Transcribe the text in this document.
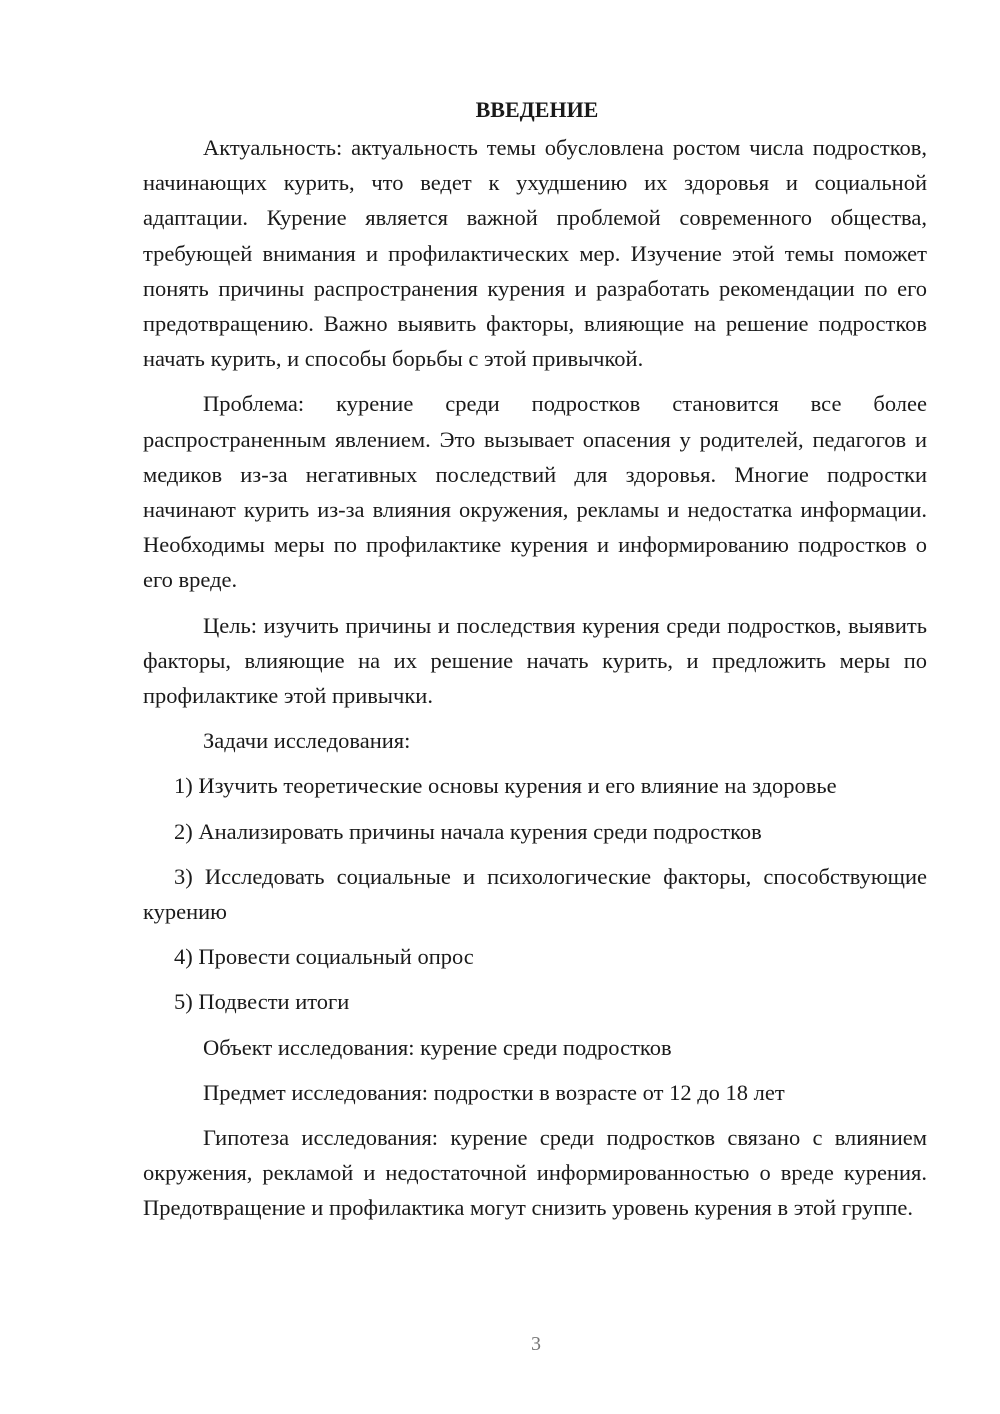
ВВЕДЕНИЕ

Актуальность: актуальность темы обусловлена ростом числа подростков, начинающих курить, что ведет к ухудшению их здоровья и социальной адаптации. Курение является важной проблемой современного общества, требующей внимания и профилактических мер. Изучение этой темы поможет понять причины распространения курения и разработать рекомендации по его предотвращению. Важно выявить факторы, влияющие на решение подростков начать курить, и способы борьбы с этой привычкой.

Проблема: курение среди подростков становится все более распространенным явлением. Это вызывает опасения у родителей, педагогов и медиков из-за негативных последствий для здоровья. Многие подростки начинают курить из-за влияния окружения, рекламы и недостатка информации. Необходимы меры по профилактике курения и информированию подростков о его вреде.

Цель: изучить причины и последствия курения среди подростков, выявить факторы, влияющие на их решение начать курить, и предложить меры по профилактике этой привычки.

Задачи исследования:

1) Изучить теоретические основы курения и его влияние на здоровье

2) Анализировать причины начала курения среди подростков

3) Исследовать социальные и психологические факторы, способствующие курению

4) Провести социальный опрос

5) Подвести итоги

Объект исследования: курение среди подростков

Предмет исследования: подростки в возрасте от 12 до 18 лет

Гипотеза исследования: курение среди подростков связано с влиянием окружения, рекламой и недостаточной информированностью о вреде курения. Предотвращение и профилактика могут снизить уровень курения в этой группе.

3
